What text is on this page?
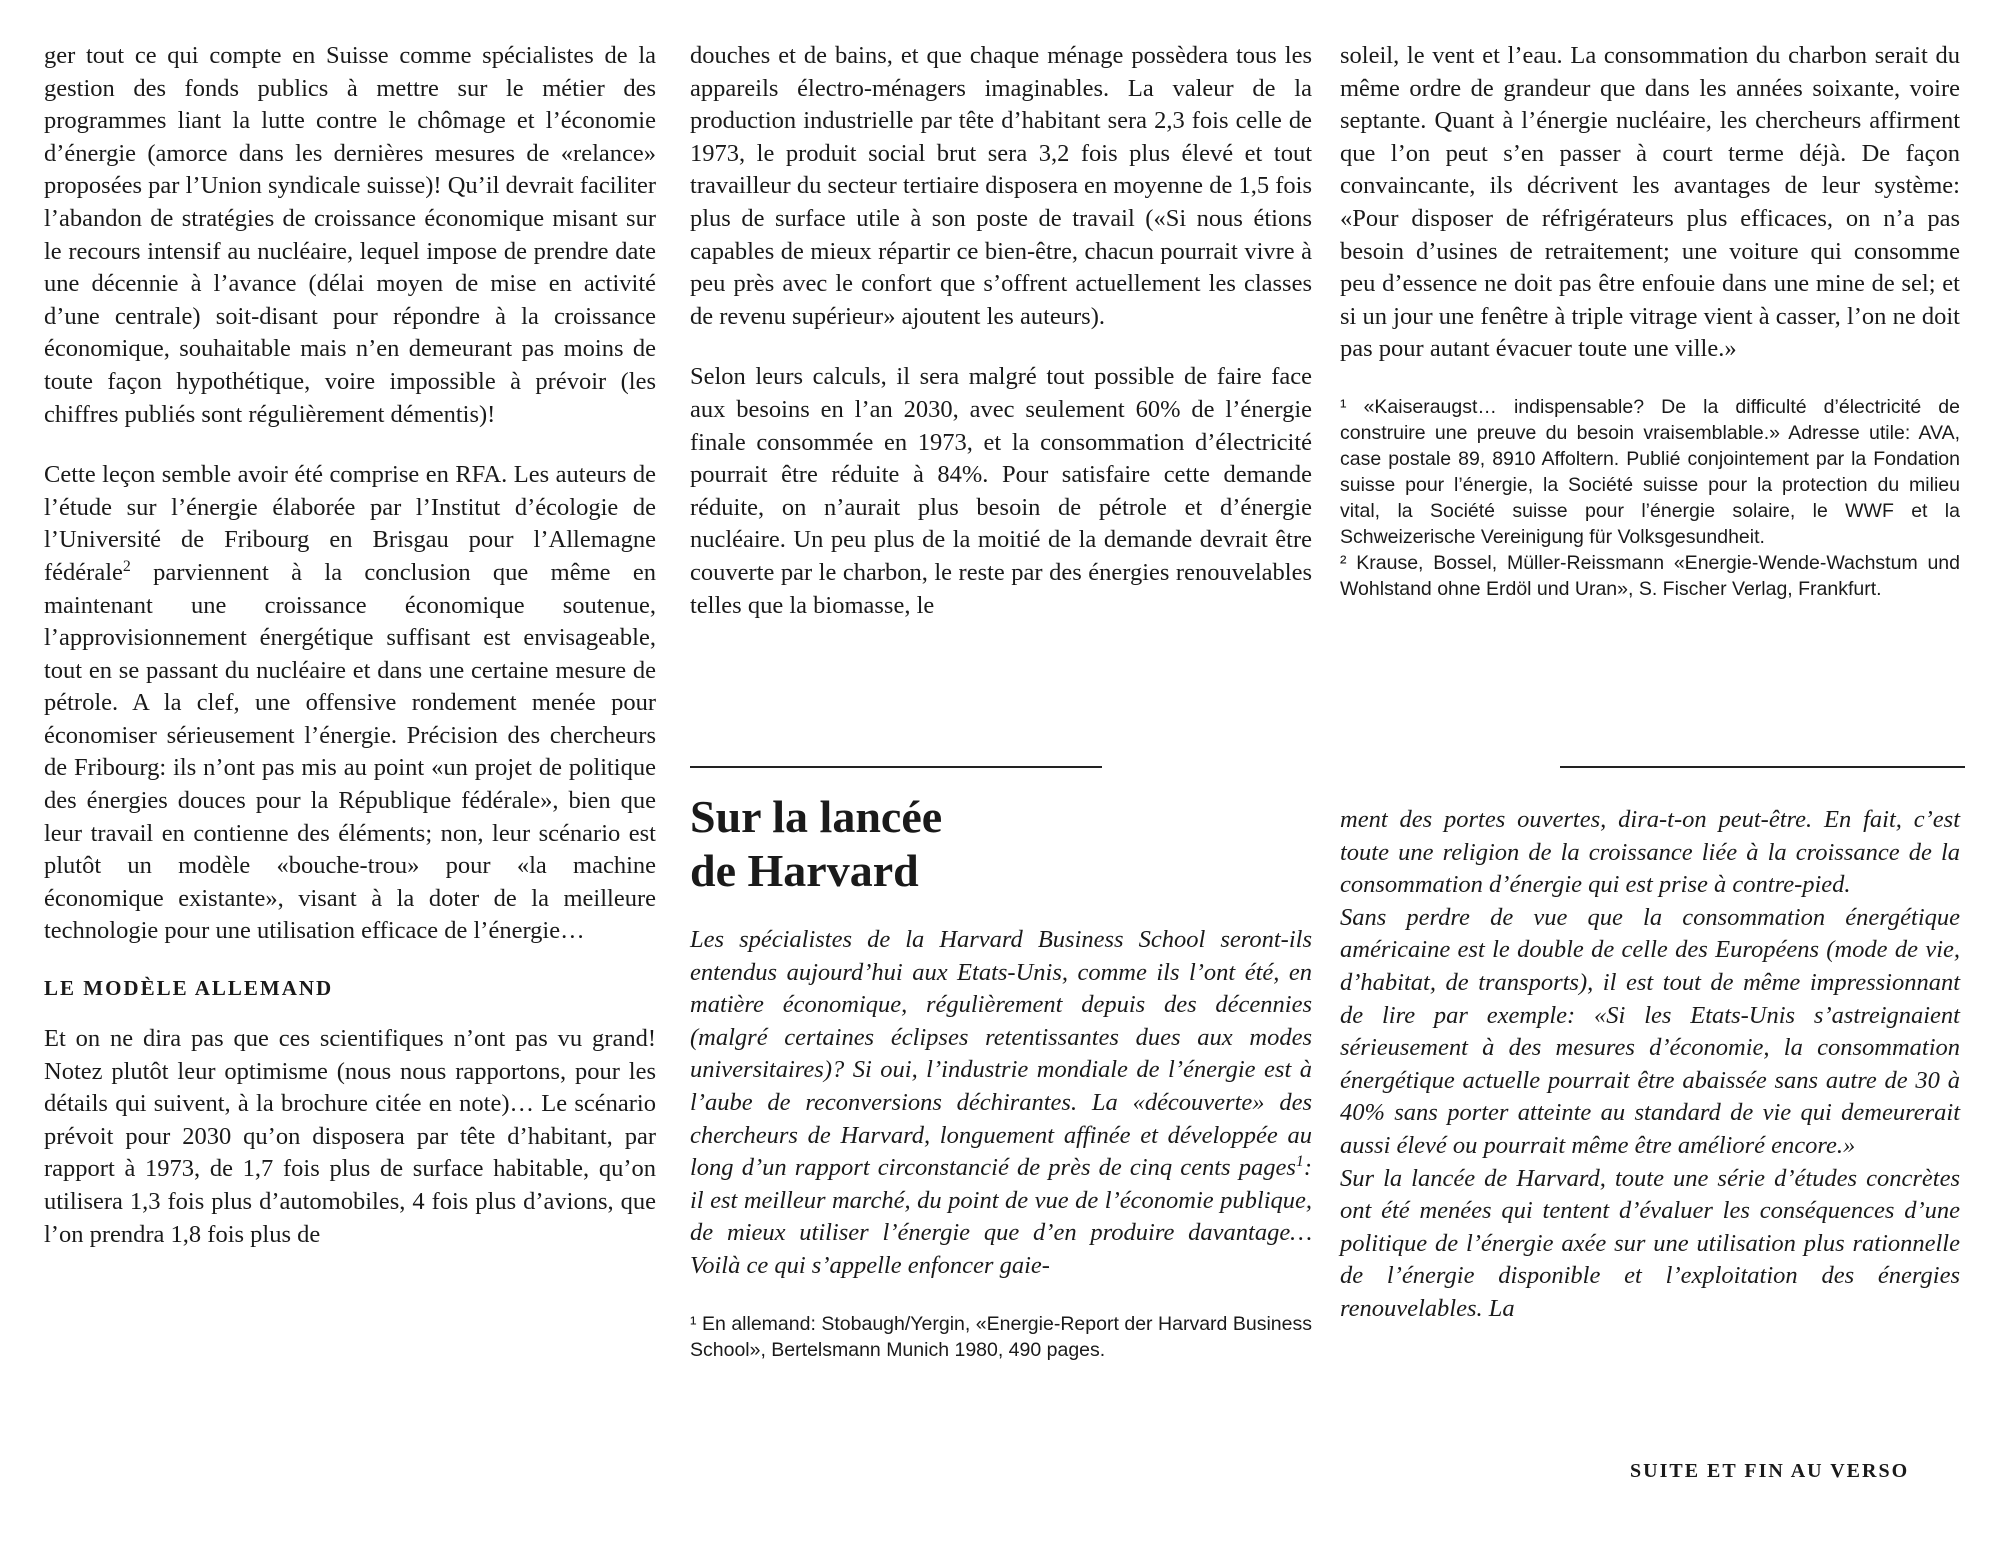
ger tout ce qui compte en Suisse comme spécialistes de la gestion des fonds publics à mettre sur le métier des programmes liant la lutte contre le chômage et l’économie d’énergie (amorce dans les dernières mesures de «relance» proposées par l’Union syndicale suisse)! Qu’il devrait faciliter l’abandon de stratégies de croissance économique misant sur le recours intensif au nucléaire, lequel impose de prendre date une décennie à l’avance (délai moyen de mise en activité d’une centrale) soit-disant pour répondre à la croissance économique, souhaitable mais n’en demeurant pas moins de toute façon hypothétique, voire impossible à prévoir (les chiffres publiés sont régulièrement démentis)!

Cette leçon semble avoir été comprise en RFA. Les auteurs de l’étude sur l’énergie élaborée par l’Institut d’écologie de l’Université de Fribourg en Brisgau pour l’Allemagne fédérale$^2$ parviennent à la conclusion que même en maintenant une croissance économique soutenue, l’approvisionnement énergétique suffisant est envisageable, tout en se passant du nucléaire et dans une certaine mesure de pétrole. A la clef, une offensive rondement menée pour économiser sérieusement l’énergie. Précision des chercheurs de Fribourg: ils n’ont pas mis au point «un projet de politique des énergies douces pour la République fédérale», bien que leur travail en contienne des éléments; non, leur scénario est plutôt un modèle «bouche-trou» pour «la machine économique existante», visant à la doter de la meilleure technologie pour une utilisation efficace de l’énergie…

LE MODÈLE ALLEMAND

Et on ne dira pas que ces scientifiques n’ont pas vu grand! Notez plutôt leur optimisme (nous nous rapportons, pour les détails qui suivent, à la brochure citée en note)… Le scénario prévoit pour 2030 qu’on disposera par tête d’habitant, par rapport à 1973, de 1,7 fois plus de surface habitable, qu’on utilisera 1,3 fois plus d’automobiles, 4 fois plus d’avions, que l’on prendra 1,8 fois plus de

douches et de bains, et que chaque ménage possèdera tous les appareils électro-ménagers imaginables. La valeur de la production industrielle par tête d’habitant sera 2,3 fois celle de 1973, le produit social brut sera 3,2 fois plus élevé et tout travailleur du secteur tertiaire disposera en moyenne de 1,5 fois plus de surface utile à son poste de travail («Si nous étions capables de mieux répartir ce bien-être, chacun pourrait vivre à peu près avec le confort que s’offrent actuellement les classes de revenu supérieur» ajoutent les auteurs).

Selon leurs calculs, il sera malgré tout possible de faire face aux besoins en l’an 2030, avec seulement 60% de l’énergie finale consommée en 1973, et la consommation d’électricité pourrait être réduite à 84%. Pour satisfaire cette demande réduite, on n’aurait plus besoin de pétrole et d’énergie nucléaire. Un peu plus de la moitié de la demande devrait être couverte par le charbon, le reste par des énergies renouvelables telles que la biomasse, le

Sur la lancée
de Harvard

Les spécialistes de la Harvard Business School seront-ils entendus aujourd’hui aux Etats-Unis, comme ils l’ont été, en matière économique, régulièrement depuis des décennies (malgré certaines éclipses retentissantes dues aux modes universitaires)? Si oui, l’industrie mondiale de l’énergie est à l’aube de reconversions déchirantes. La «découverte» des chercheurs de Harvard, longuement affinée et développée au long d’un rapport circonstancié de près de cinq cents pages$^1$: il est meilleur marché, du point de vue de l’économie publique, de mieux utiliser l’énergie que d’en produire davantage… Voilà ce qui s’appelle enfoncer gaie-

¹ En allemand: Stobaugh/Yergin, «Energie-Report der Harvard Business School», Bertelsmann Munich 1980, 490 pages.

soleil, le vent et l’eau. La consommation du charbon serait du même ordre de grandeur que dans les années soixante, voire septante. Quant à l’énergie nucléaire, les chercheurs affirment que l’on peut s’en passer à court terme déjà. De façon convaincante, ils décrivent les avantages de leur système: «Pour disposer de réfrigérateurs plus efficaces, on n’a pas besoin d’usines de retraitement; une voiture qui consomme peu d’essence ne doit pas être enfouie dans une mine de sel; et si un jour une fenêtre à triple vitrage vient à casser, l’on ne doit pas pour autant évacuer toute une ville.»

¹ «Kaiseraugst… indispensable? De la difficulté d’électricité de construire une preuve du besoin vraisemblable.» Adresse utile: AVA, case postale 89, 8910 Affoltern. Publié conjointement par la Fondation suisse pour l’énergie, la Société suisse pour la protection du milieu vital, la Société suisse pour l’énergie solaire, le WWF et la Schweizerische Vereinigung für Volksgesundheit.

² Krause, Bossel, Müller-Reissmann «Energie-Wende-Wachstum und Wohlstand ohne Erdöl und Uran», S. Fischer Verlag, Frankfurt.

ment des portes ouvertes, dira-t-on peut-être. En fait, c’est toute une religion de la croissance liée à la croissance de la consommation d’énergie qui est prise à contre-pied.

Sans perdre de vue que la consommation énergétique américaine est le double de celle des Européens (mode de vie, d’habitat, de transports), il est tout de même impressionnant de lire par exemple: «Si les Etats-Unis s’astreignaient sérieusement à des mesures d’économie, la consommation énergétique actuelle pourrait être abaissée sans autre de 30 à 40% sans porter atteinte au standard de vie qui demeurerait aussi élevé ou pourrait même être amélioré encore.»

Sur la lancée de Harvard, toute une série d’études concrètes ont été menées qui tentent d’évaluer les conséquences d’une politique de l’énergie axée sur une utilisation plus rationnelle de l’énergie disponible et l’exploitation des énergies renouvelables. La

SUITE ET FIN AU VERSO
